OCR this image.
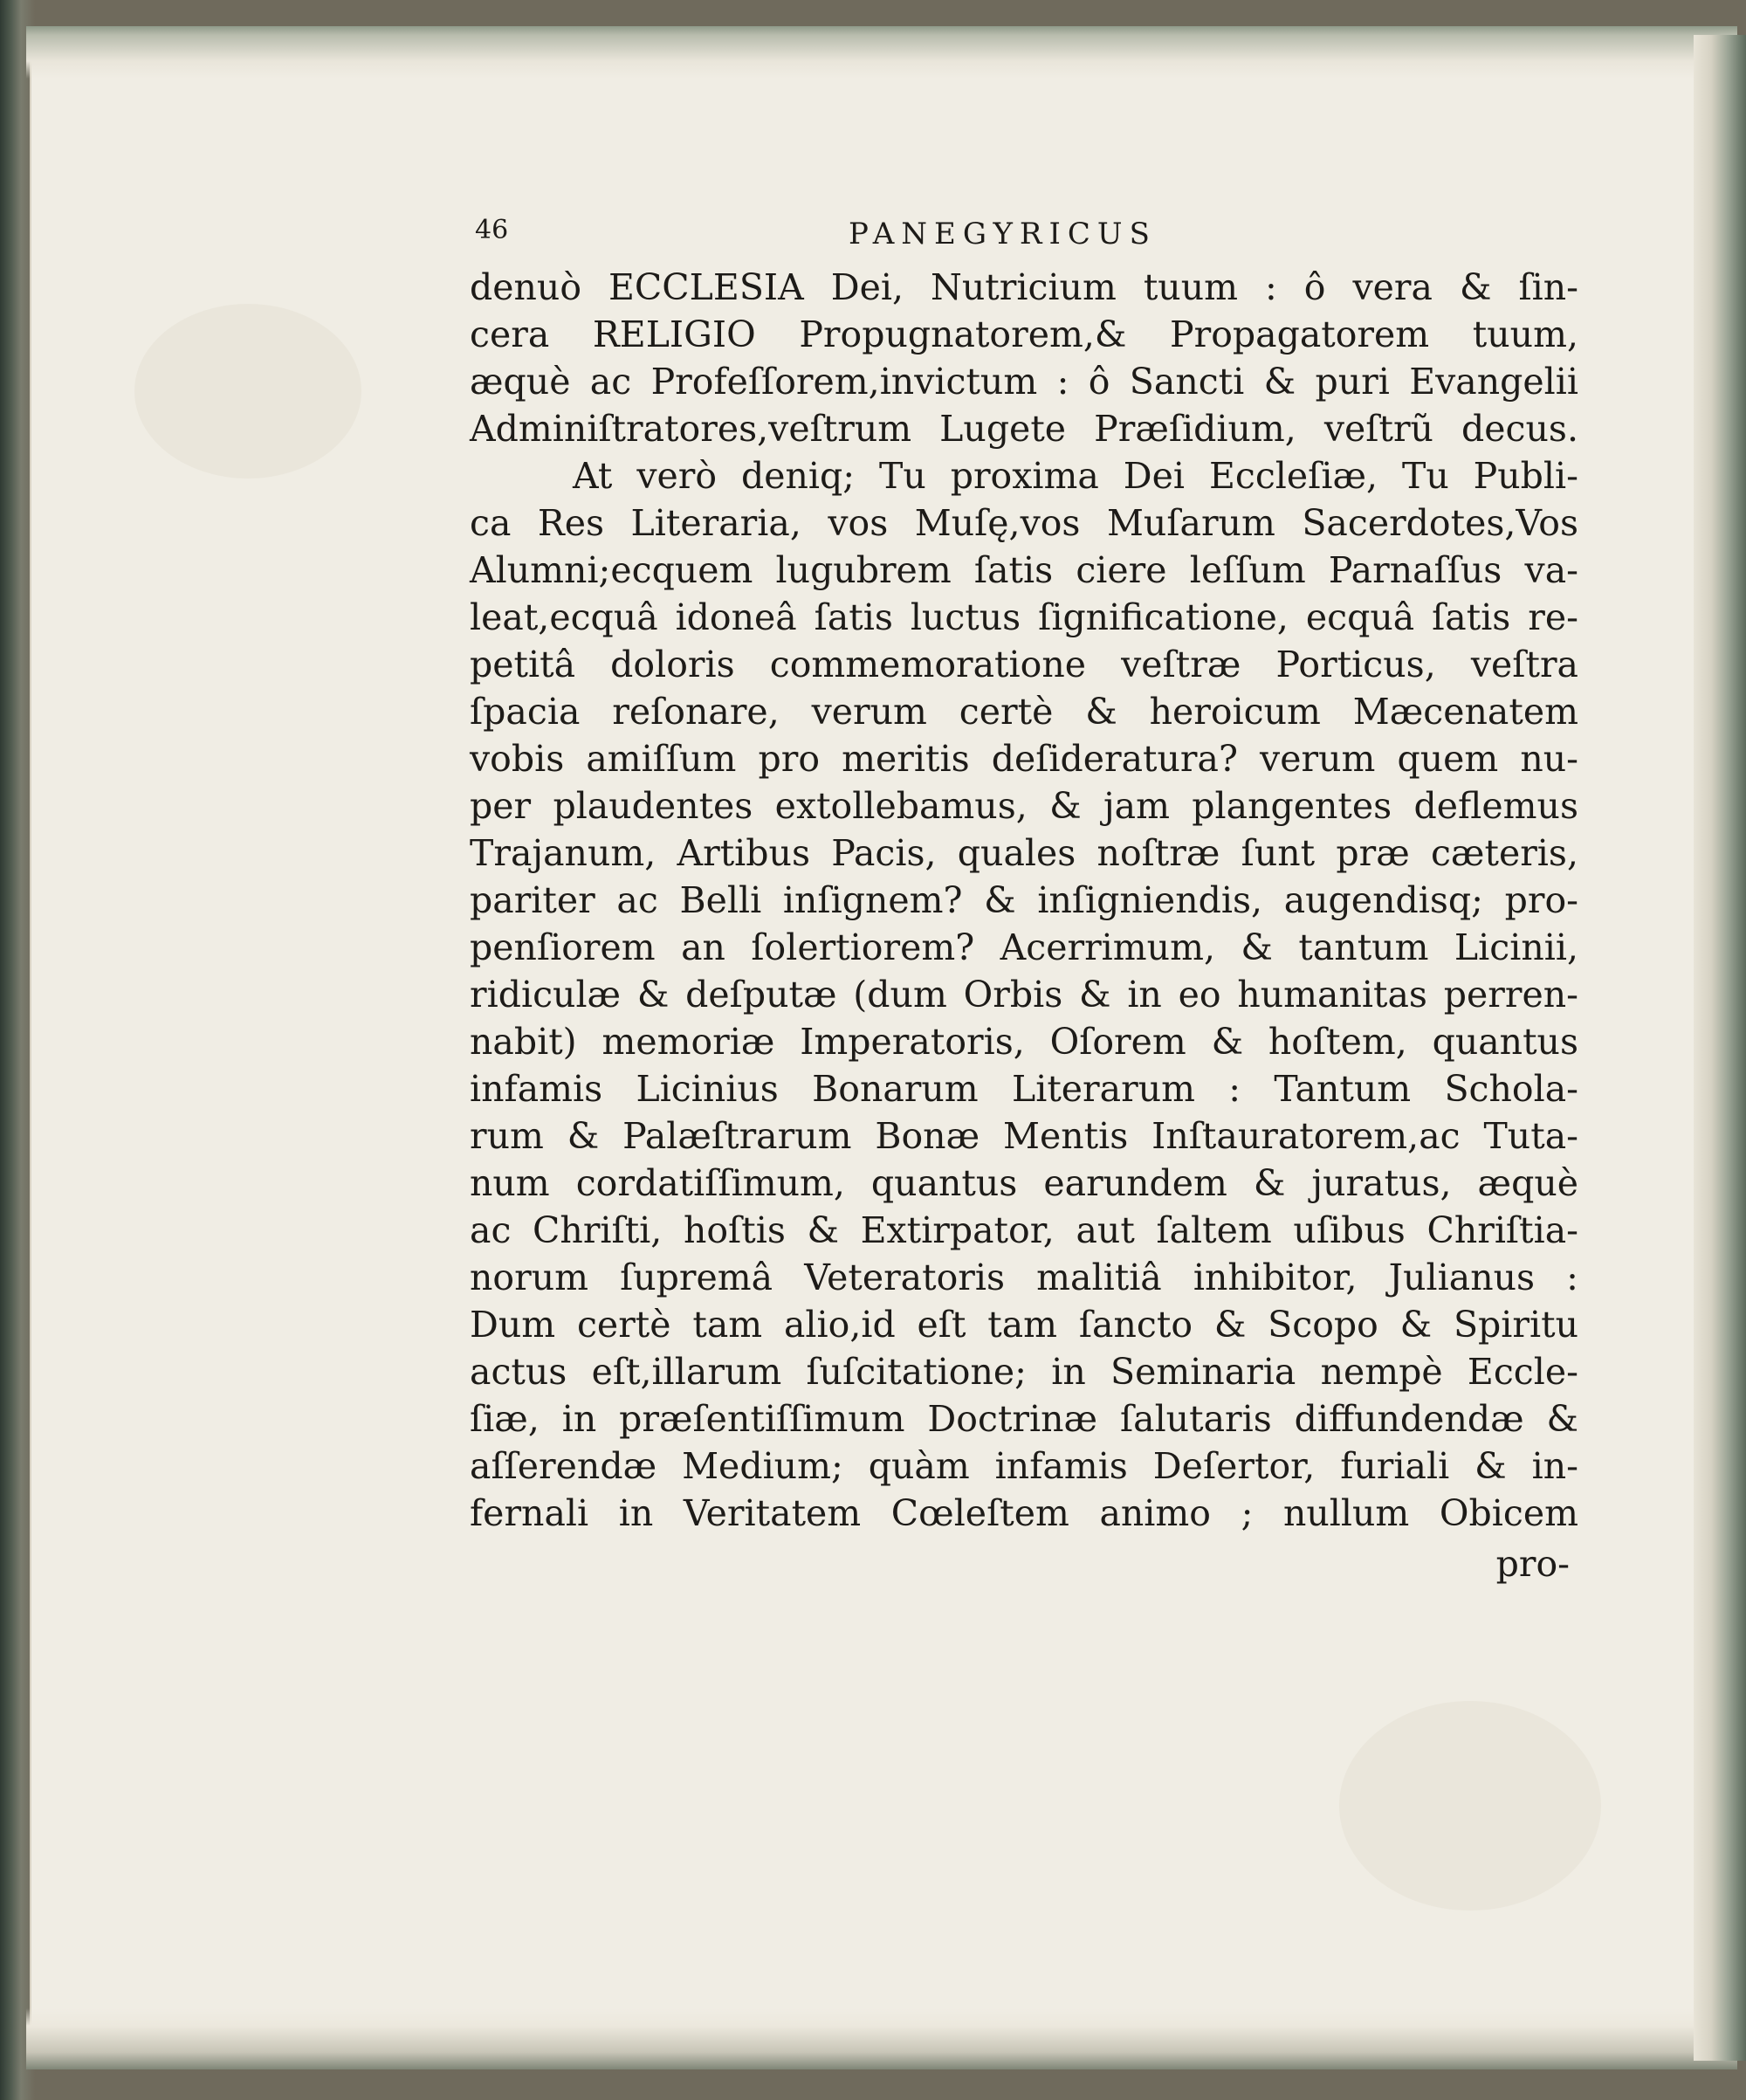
46	PANEGYRICUS
denuò ECCLESIA Dei, Nutricium tuum : ô vera & ſin-
cera RELIGIO Propugnatorem,& Propagatorem tuum,
æquè ac Profeſſorem,invictum : ô Sancti & puri Evangelii
Adminiſtratores,veſtrum Lugete Præſidium, veſtrũ decus.
At verò deniq; Tu proxima Dei Eccleſiæ, Tu Publi-
ca Res Literaria, vos Muſę,vos Muſarum Sacerdotes,Vos
Alumni;ecquem lugubrem ſatis ciere leſſum Parnaſſus va-
leat,ecquâ idoneâ ſatis luctus ſignificatione, ecquâ ſatis re-
petitâ doloris commemoratione veſtræ Porticus, veſtra
ſpacia reſonare, verum certè & heroicum Mæcenatem
vobis amiſſum pro meritis deſideratura? verum quem nu-
per plaudentes extollebamus, & jam plangentes deflemus
Trajanum, Artibus Pacis, quales noſtræ ſunt præ cæteris,
pariter ac Belli inſignem? & inſigniendis, augendisq; pro-
penſiorem an ſolertiorem? Acerrimum, & tantum Licinii,
ridiculæ & deſputæ (dum Orbis & in eo humanitas perren-
nabit) memoriæ Imperatoris, Oſorem & hoſtem, quantus
infamis Licinius Bonarum Literarum : Tantum Schola-
rum & Palæſtrarum Bonæ Mentis Inſtauratorem,ac Tuta-
num cordatiſſimum, quantus earundem & juratus, æquè
ac Chriſti, hoſtis & Extirpator, aut ſaltem uſibus Chriſtia-
norum ſupremâ Veteratoris malitiâ inhibitor, Julianus :
Dum certè tam alio,id eſt tam ſancto & Scopo & Spiritu
actus eſt,illarum ſuſcitatione; in Seminaria nempè Eccle-
ſiæ, in præſentiſſimum Doctrinæ ſalutaris diffundendæ &
aſſerendæ Medium; quàm infamis Deſertor, furiali & in-
fernali in Veritatem Cœleſtem animo ; nullum Obicem
pro-
